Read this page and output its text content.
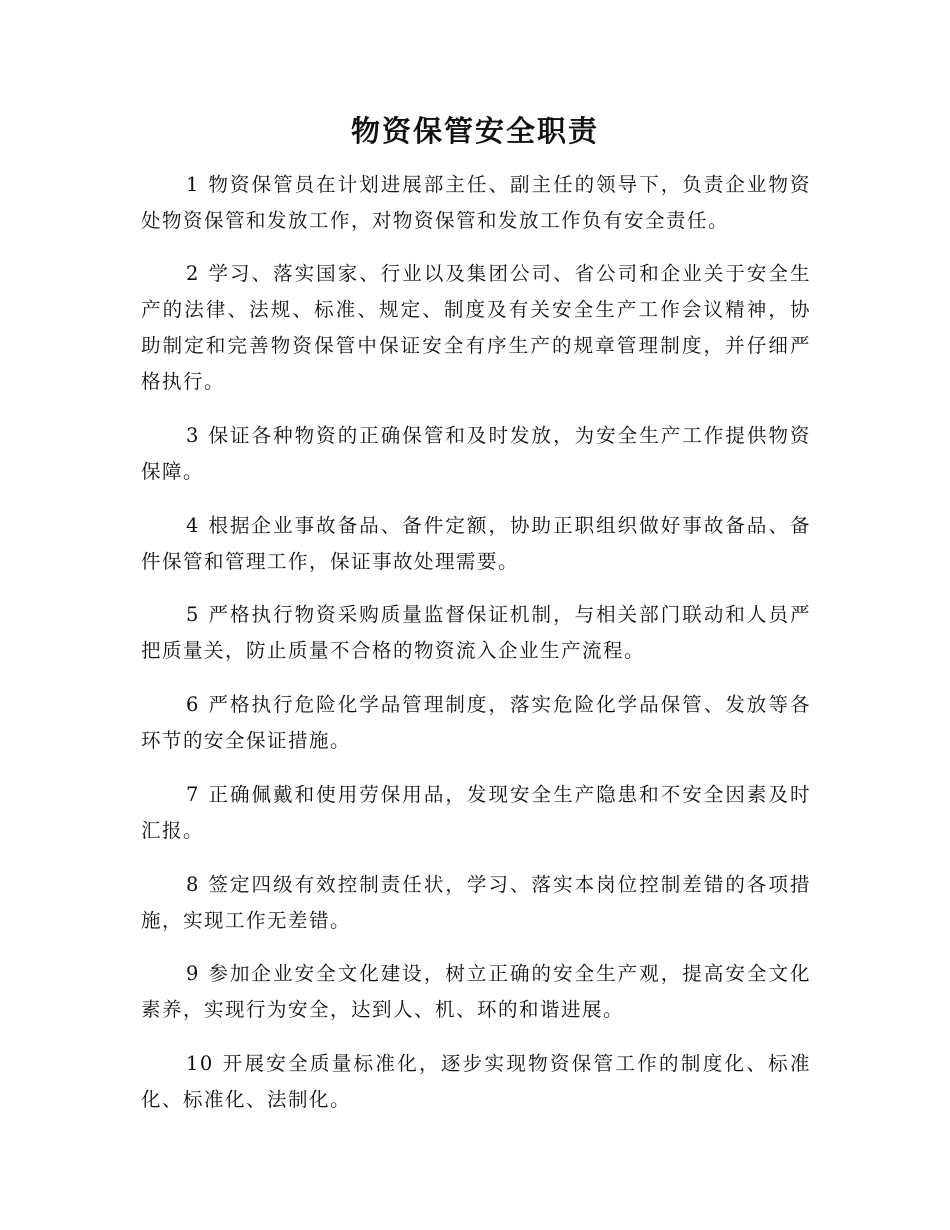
物资保管安全职责

1 物资保管员在计划进展部主任、副主任的领导下，负责企业物资处物资保管和发放工作，对物资保管和发放工作负有安全责任。

2 学习、落实国家、行业以及集团公司、省公司和企业关于安全生产的法律、法规、标准、规定、制度及有关安全生产工作会议精神，协助制定和完善物资保管中保证安全有序生产的规章管理制度，并仔细严格执行。

3 保证各种物资的正确保管和及时发放，为安全生产工作提供物资保障。

4 根据企业事故备品、备件定额，协助正职组织做好事故备品、备件保管和管理工作，保证事故处理需要。

5 严格执行物资采购质量监督保证机制，与相关部门联动和人员严把质量关，防止质量不合格的物资流入企业生产流程。

6 严格执行危险化学品管理制度，落实危险化学品保管、发放等各环节的安全保证措施。

7 正确佩戴和使用劳保用品，发现安全生产隐患和不安全因素及时汇报。

8 签定四级有效控制责任状，学习、落实本岗位控制差错的各项措施，实现工作无差错。

9 参加企业安全文化建设，树立正确的安全生产观，提高安全文化素养，实现行为安全，达到人、机、环的和谐进展。

10 开展安全质量标准化，逐步实现物资保管工作的制度化、标准化、标准化、法制化。
